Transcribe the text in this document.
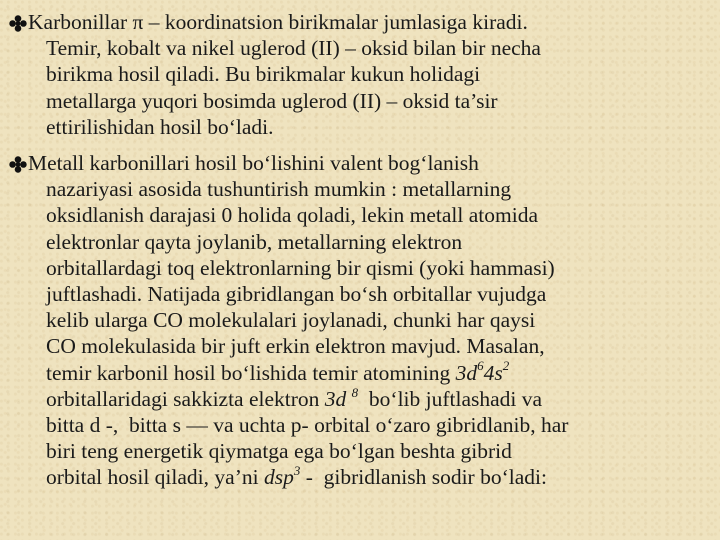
Karbonillar π – koordinatsion birikmalar jumlasiga kiradi.
Temir, kobalt va nikel uglerod (II) – oksid bilan bir necha
birikma hosil qiladi. Bu birikmalar kukun holidagi
metallarga yuqori bosimda uglerod (II) – oksid ta’sir
ettirilishidan hosil bo‘ladi.
Metall karbonillari hosil bo‘lishini valent bog‘lanish
nazariyasi asosida tushuntirish mumkin : metallarning
oksidlanish darajasi 0 holida qoladi, lekin metall atomida
elektronlar qayta joylanib, metallarning elektron
orbitallardagi toq elektronlarning bir qismi (yoki hammasi)
juftlashadi. Natijada gibridlangan bo‘sh orbitallar vujudga
kelib ularga CO molekulalari joylanadi, chunki har qaysi
CO molekulasida bir juft erkin elektron mavjud. Masalan,
temir karbonil hosil bo‘lishida temir atomining $3d^64s^2$
orbitallaridagi sakkizta elektron 3d $^8$  bo‘lib juftlashadi va
bitta d -,  bitta s — va uchta p- orbital o‘zaro gibridlanib, har
biri teng energetik qiymatga ega bo‘lgan beshta gibrid
orbital hosil qiladi, ya’ni dsp$^3$ -  gibridlanish sodir bo‘ladi:
